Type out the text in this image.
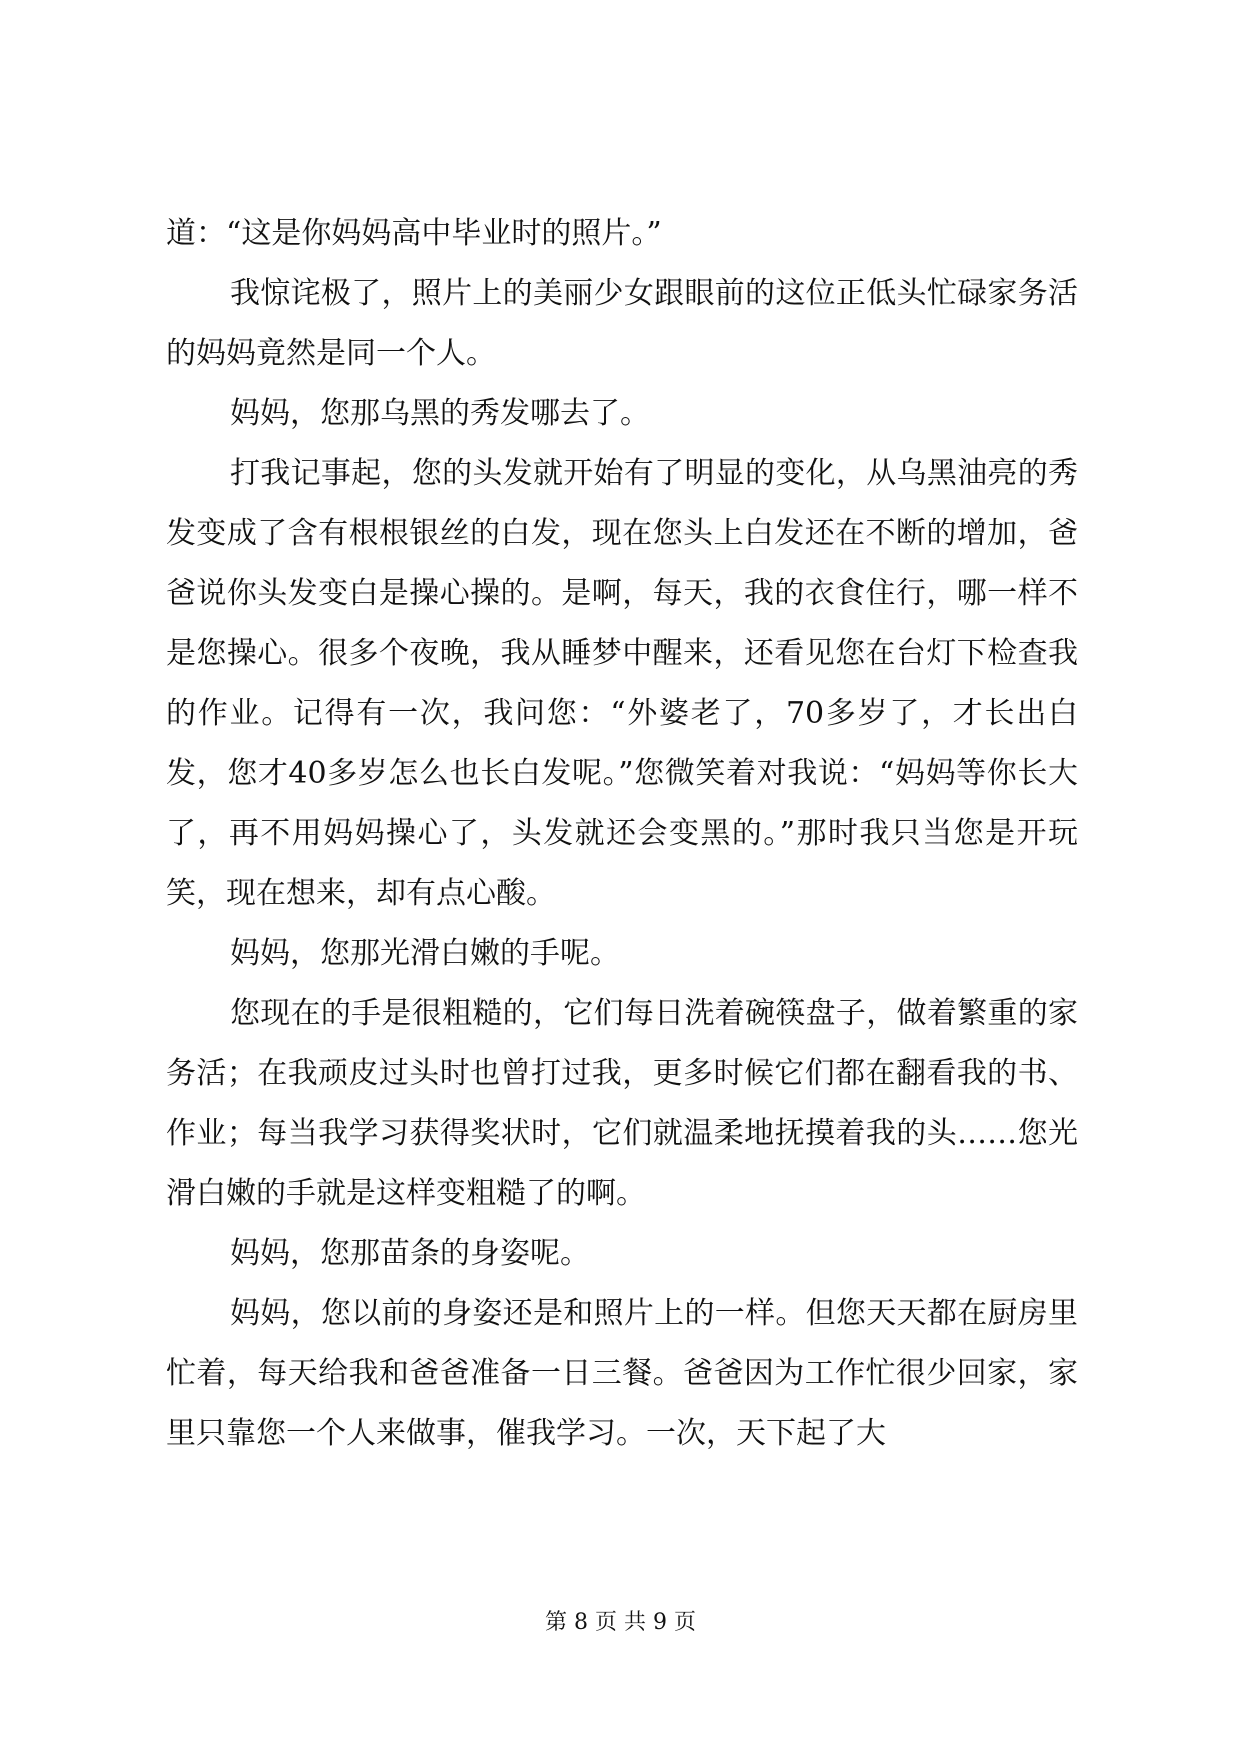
道：“这是你妈妈高中毕业时的照片。”

我惊诧极了，照片上的美丽少女跟眼前的这位正低头忙碌家务活的妈妈竟然是同一个人。

妈妈，您那乌黑的秀发哪去了。

打我记事起，您的头发就开始有了明显的变化，从乌黑油亮的秀发变成了含有根根银丝的白发，现在您头上白发还在不断的增加，爸爸说你头发变白是操心操的。是啊，每天，我的衣食住行，哪一样不是您操心。很多个夜晚，我从睡梦中醒来，还看见您在台灯下检查我的作业。记得有一次，我问您：“外婆老了，70多岁了，才长出白发，您才40多岁怎么也长白发呢。”您微笑着对我说：“妈妈等你长大了，再不用妈妈操心了，头发就还会变黑的。”那时我只当您是开玩笑，现在想来，却有点心酸。

妈妈，您那光滑白嫩的手呢。

您现在的手是很粗糙的，它们每日洗着碗筷盘子，做着繁重的家务活；在我顽皮过头时也曾打过我，更多时候它们都在翻看我的书、作业；每当我学习获得奖状时，它们就温柔地抚摸着我的头……您光滑白嫩的手就是这样变粗糙了的啊。

妈妈，您那苗条的身姿呢。

妈妈，您以前的身姿还是和照片上的一样。但您天天都在厨房里忙着，每天给我和爸爸准备一日三餐。爸爸因为工作忙很少回家，家里只靠您一个人来做事，催我学习。一次，天下起了大

第 8 页 共 9 页
